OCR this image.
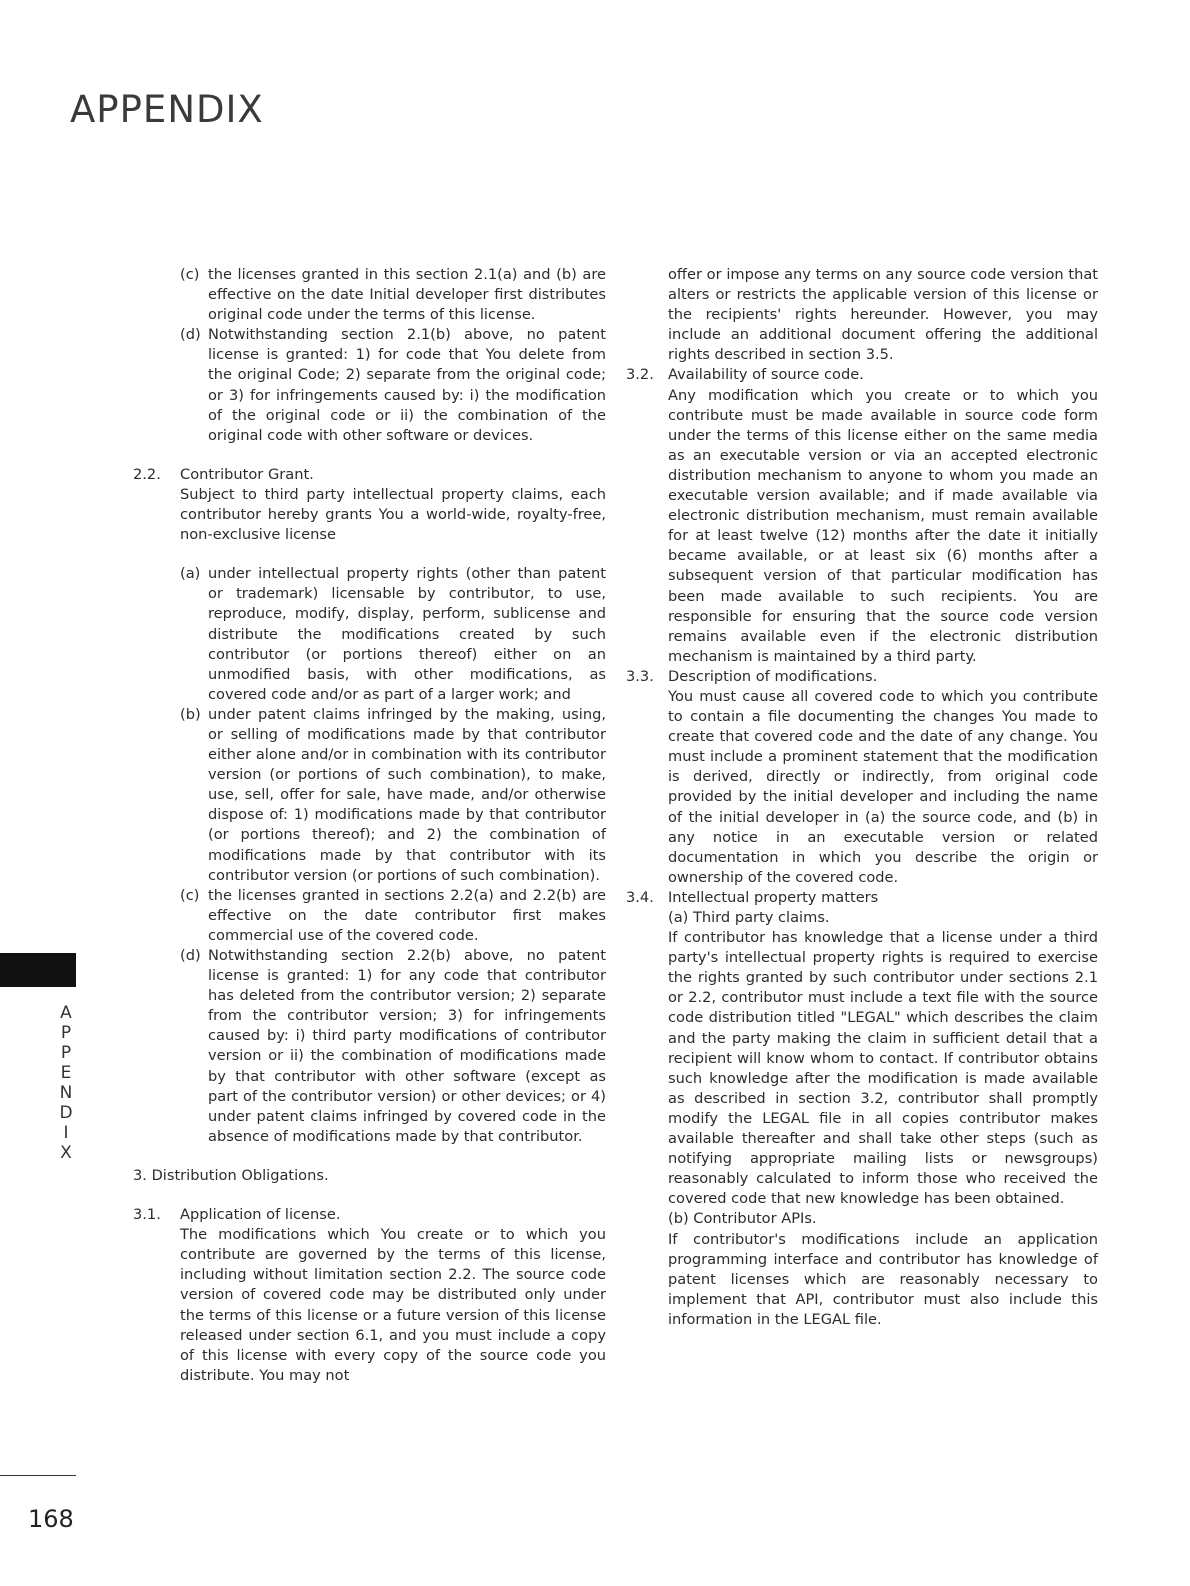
APPENDIX
APPENDIX
168
(c) the licenses granted in this section 2.1(a) and (b) are effective on the date Initial developer first distributes original code under the terms of this license.
(d) Notwithstanding section 2.1(b) above, no patent license is granted: 1) for code that You delete from the original Code; 2) separate from the original code; or 3) for infringements caused by: i) the modification of the original code or ii) the combination of the original code with other software or devices.
2.2.	Contributor Grant.
Subject to third party intellectual property claims, each contributor hereby grants You a world-wide, royalty-free, non-exclusive license
(a) under intellectual property rights (other than patent or trademark) licensable by contributor, to use, reproduce, modify, display, perform, sublicense and distribute the modifications created by such contributor (or portions thereof) either on an unmodified basis, with other modifications, as covered code and/or as part of a larger work; and
(b) under patent claims infringed by the making, using, or selling of modifications made by that contributor either alone and/or in combination with its contributor version (or portions of such combination), to make, use, sell, offer for sale, have made, and/or otherwise dispose of: 1) modifications made by that contributor (or portions thereof); and 2) the combination of modifications made by that contributor with its contributor version (or portions of such combination).
(c) the licenses granted in sections 2.2(a) and 2.2(b) are effective on the date contributor first makes commercial use of the covered code.
(d) Notwithstanding section 2.2(b) above, no patent license is granted: 1) for any code that contributor has deleted from the contributor version; 2) separate from the contributor version; 3) for infringements caused by: i) third party modifications of contributor version or ii) the combination of modifications made by that contributor with other software (except as part of the contributor version) or other devices; or 4) under patent claims infringed by covered code in the absence of modifications made by that contributor.
3. Distribution Obligations.
3.1.	Application of license.
The modifications which You create or to which you contribute are governed by the terms of this license, including without limitation section 2.2. The source code version of covered code may be distributed only under the terms of this license or a future version of this license released under section 6.1, and you must include a copy of this license with every copy of the source code you distribute. You may not
offer or impose any terms on any source code version that alters or restricts the applicable version of this license or the recipients' rights hereunder. However, you may include an additional document offering the additional rights described in section 3.5.
3.2. Availability of source code.
Any modification which you create or to which you contribute must be made available in source code form under the terms of this license either on the same media as an executable version or via an accepted electronic distribution mechanism to anyone to whom you made an executable version available; and if made available via electronic distribution mechanism, must remain available for at least twelve (12) months after the date it initially became available, or at least six (6) months after a subsequent version of that particular modification has been made available to such recipients. You are responsible for ensuring that the source code version remains available even if the electronic distribution mechanism is maintained by a third party.
3.3. Description of modifications.
You must cause all covered code to which you contribute to contain a file documenting the changes You made to create that covered code and the date of any change. You must include a prominent statement that the modification is derived, directly or indirectly, from original code provided by the initial developer and including the name of the initial developer in (a) the source code, and (b) in any notice in an executable version or related documentation in which you describe the origin or ownership of the covered code.
3.4. Intellectual property matters
(a) Third party claims.
If contributor has knowledge that a license under a third party's intellectual property rights is required to exercise the rights granted by such contributor under sections 2.1 or 2.2, contributor must include a text file with the source code distribution titled "LEGAL" which describes the claim and the party making the claim in sufficient detail that a recipient will know whom to contact. If contributor obtains such knowledge after the modification is made available as described in section 3.2, contributor shall promptly modify the LEGAL file in all copies contributor makes available thereafter and shall take other steps (such as notifying appropriate mailing lists or newsgroups) reasonably calculated to inform those who received the covered code that new knowledge has been obtained.
(b) Contributor APIs.
If contributor's modifications include an application programming interface and contributor has knowledge of patent licenses which are reasonably necessary to implement that API, contributor must also include this information in the LEGAL file.
